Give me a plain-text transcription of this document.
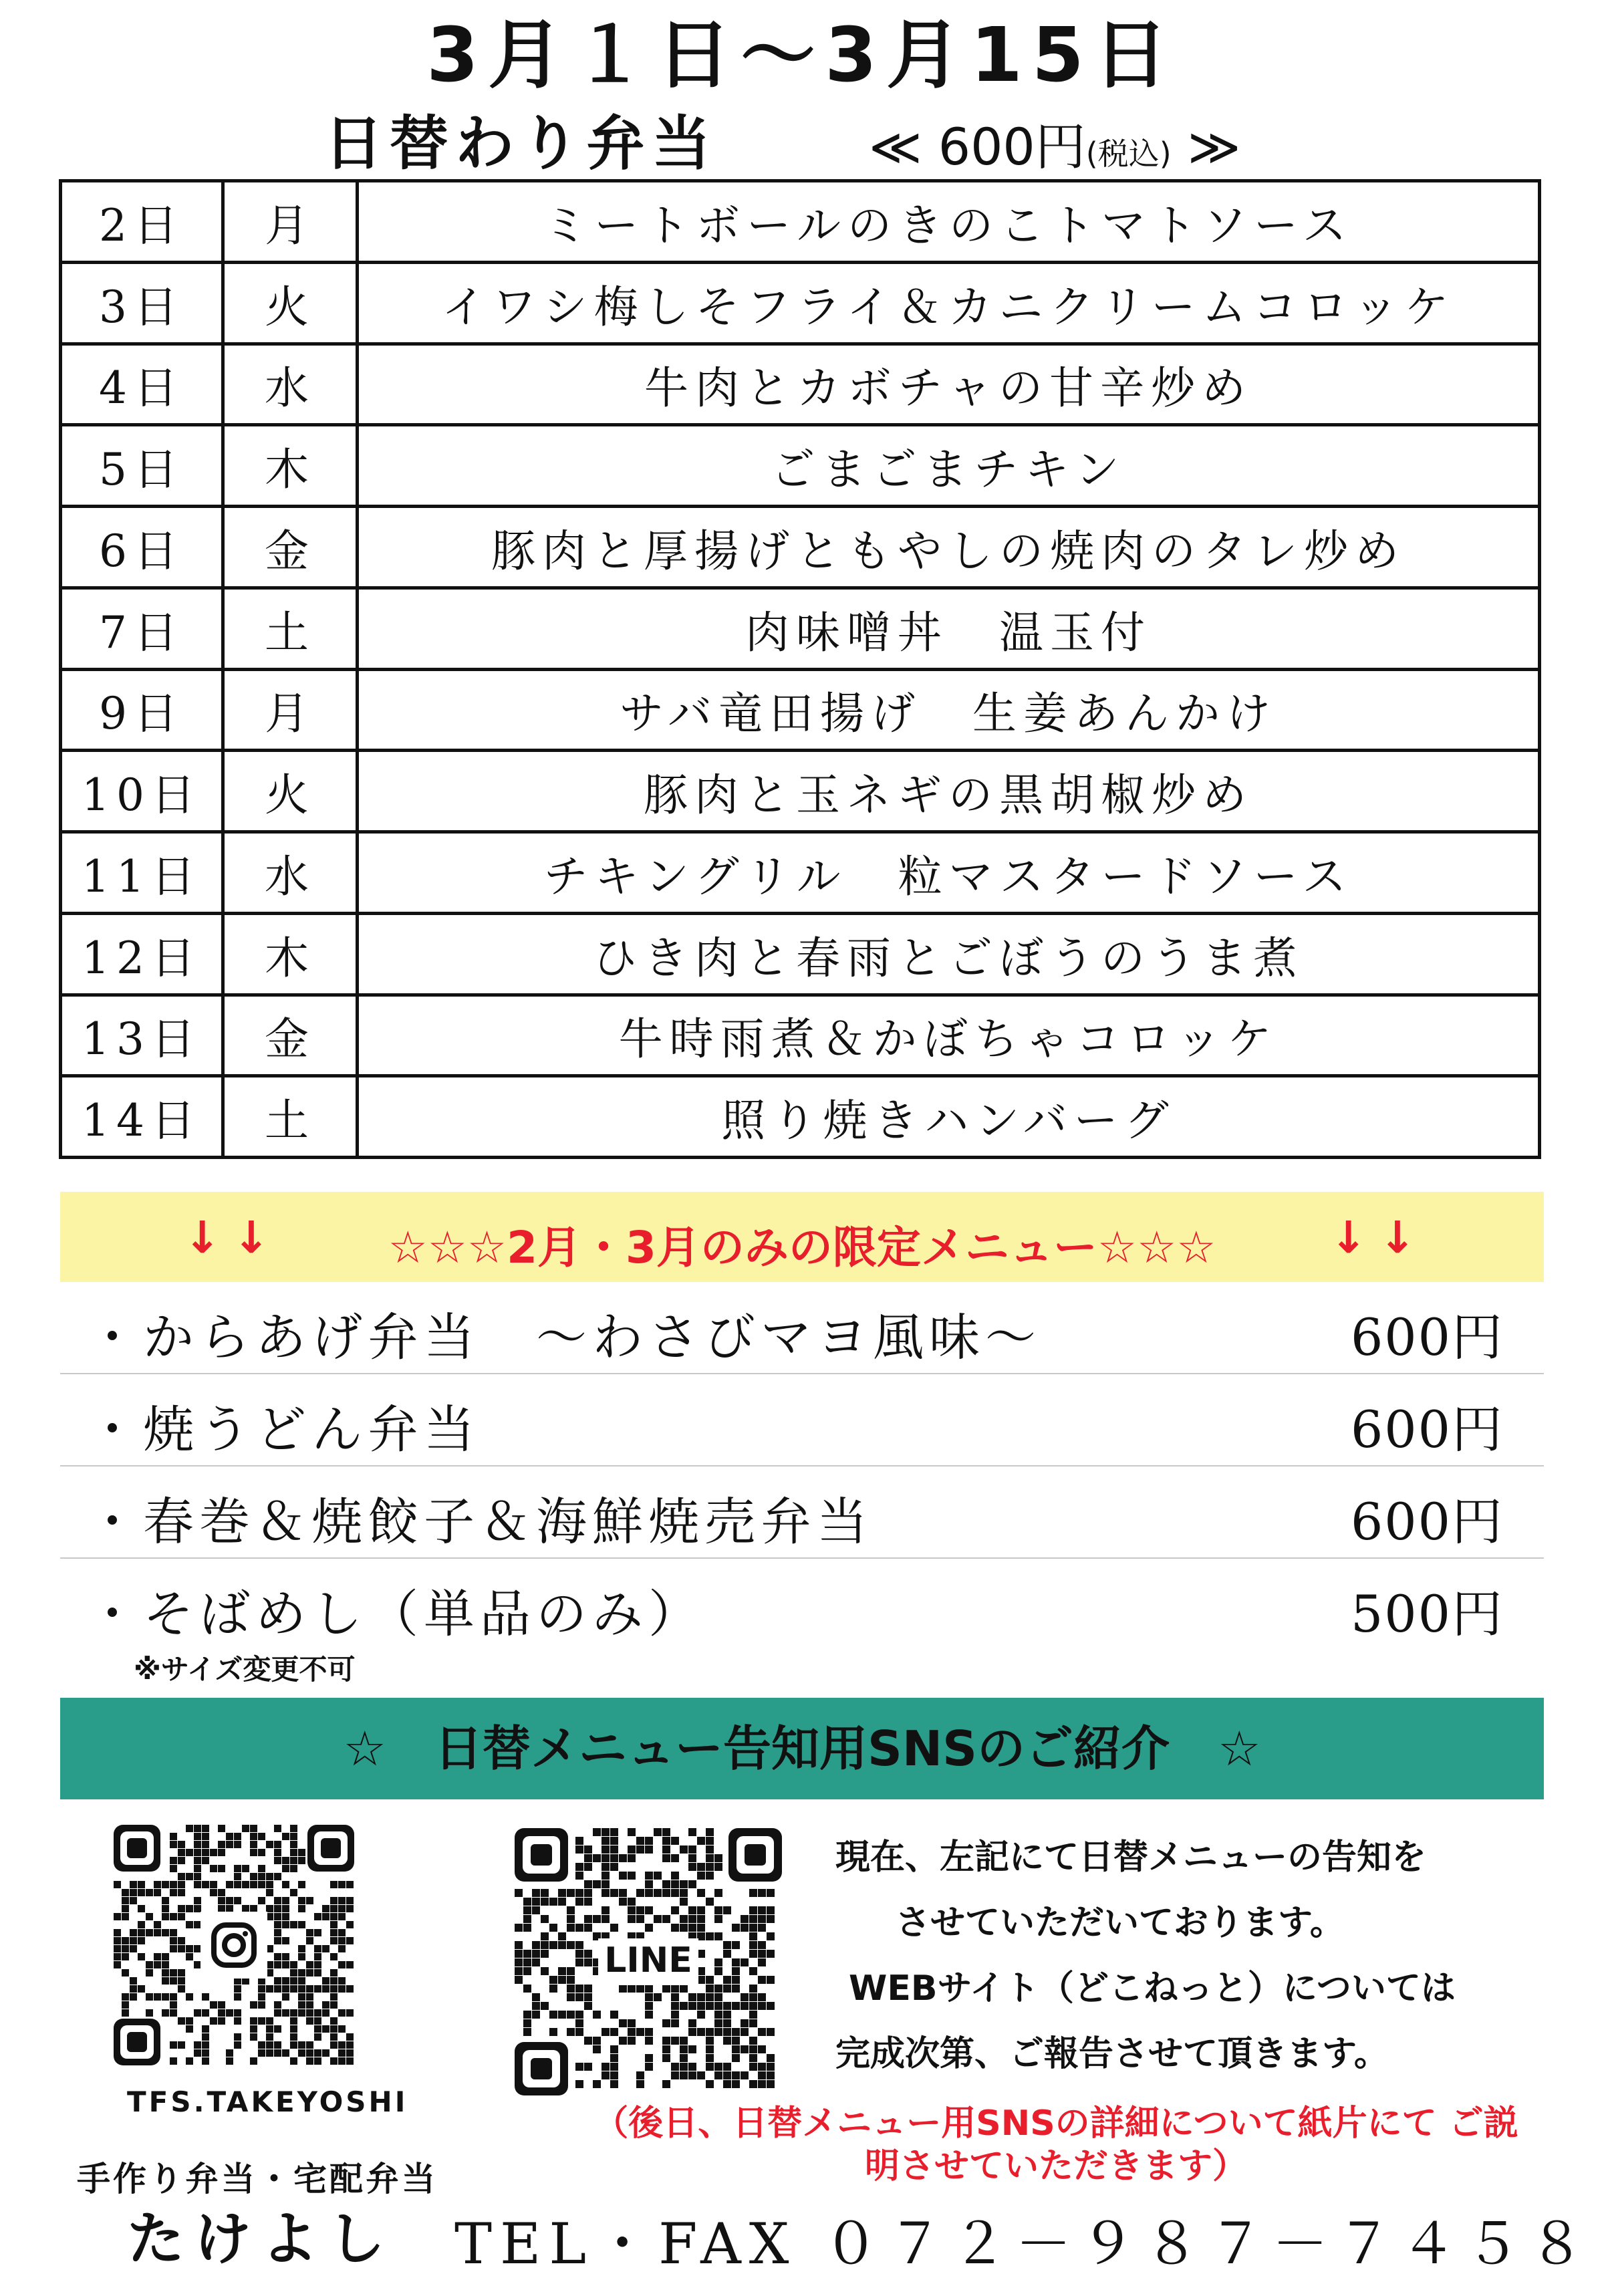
3月１日～3月15日
日替わり弁当	≪ 600円(税込) ≫
2日	月	ミートボールのきのこトマトソース
3日	火	イワシ梅しそフライ＆カニクリームコロッケ
4日	水	牛肉とカボチャの甘辛炒め
5日	木	ごまごまチキン
6日	金	豚肉と厚揚げともやしの焼肉のタレ炒め
7日	土	肉味噌丼　温玉付
9日	月	サバ竜田揚げ　生姜あんかけ
10日	火	豚肉と玉ネギの黒胡椒炒め
11日	水	チキングリル　粒マスタードソース
12日	木	ひき肉と春雨とごぼうのうま煮
13日	金	牛時雨煮＆かぼちゃコロッケ
14日	土	照り焼きハンバーグ
↓↓	☆☆☆2月・3月のみの限定メニュー☆☆☆	↓↓
・からあげ弁当　～わさびマヨ風味～	600円
・焼うどん弁当	600円
・春巻＆焼餃子＆海鮮焼売弁当	600円
・そばめし（単品のみ）	500円
※サイズ変更不可
☆　日替メニュー告知用SNSのご紹介　☆
TFS.TAKEYOSHI
LINE
現在、左記にて日替メニューの告知を
させていただいております。
WEBサイト（どこねっと）については
完成次第、ご報告させて頂きます。
（後日、日替メニュー用SNSの詳細について紙片にて ご説明させていただきます）
手作り弁当・宅配弁当
たけよし TEL・FAX ０７２－９８７－７４５８
